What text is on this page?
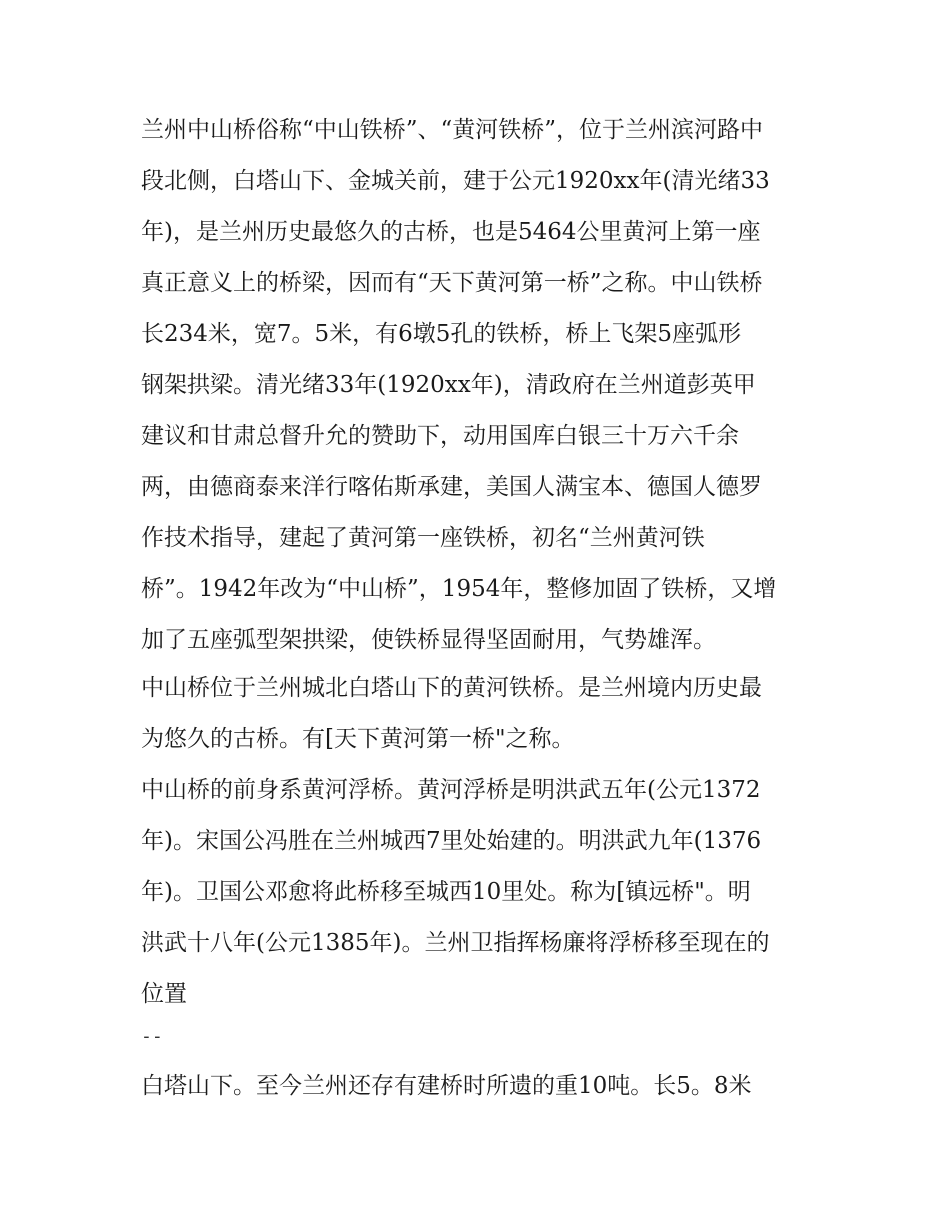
兰州中山桥俗称“中山铁桥”、“黄河铁桥”，位于兰州滨河路中

段北侧，白塔山下、金城关前，建于公元1920xx年(清光绪33

年)，是兰州历史最悠久的古桥，也是5464公里黄河上第一座

真正意义上的桥梁，因而有“天下黄河第一桥”之称。中山铁桥

长234米，宽7。5米，有6墩5孔的铁桥，桥上飞架5座弧形

钢架拱梁。清光绪33年(1920xx年)，清政府在兰州道彭英甲

建议和甘肃总督升允的赞助下，动用国库白银三十万六千余

两，由德商泰来洋行喀佑斯承建，美国人满宝本、德国人德罗

作技术指导，建起了黄河第一座铁桥，初名“兰州黄河铁

桥”。1942年改为“中山桥”，1954年，整修加固了铁桥，又增

加了五座弧型架拱梁，使铁桥显得坚固耐用，气势雄浑。

中山桥位于兰州城北白塔山下的黄河铁桥。是兰州境内历史最

为悠久的古桥。有[天下黄河第一桥"之称。

中山桥的前身系黄河浮桥。黄河浮桥是明洪武五年(公元1372

年)。宋国公冯胜在兰州城西7里处始建的。明洪武九年(1376

年)。卫国公邓愈将此桥移至城西10里处。称为[镇远桥"。明

洪武十八年(公元1385年)。兰州卫指挥杨廉将浮桥移至现在的

位置

--

白塔山下。至今兰州还存有建桥时所遗的重10吨。长5。8米
